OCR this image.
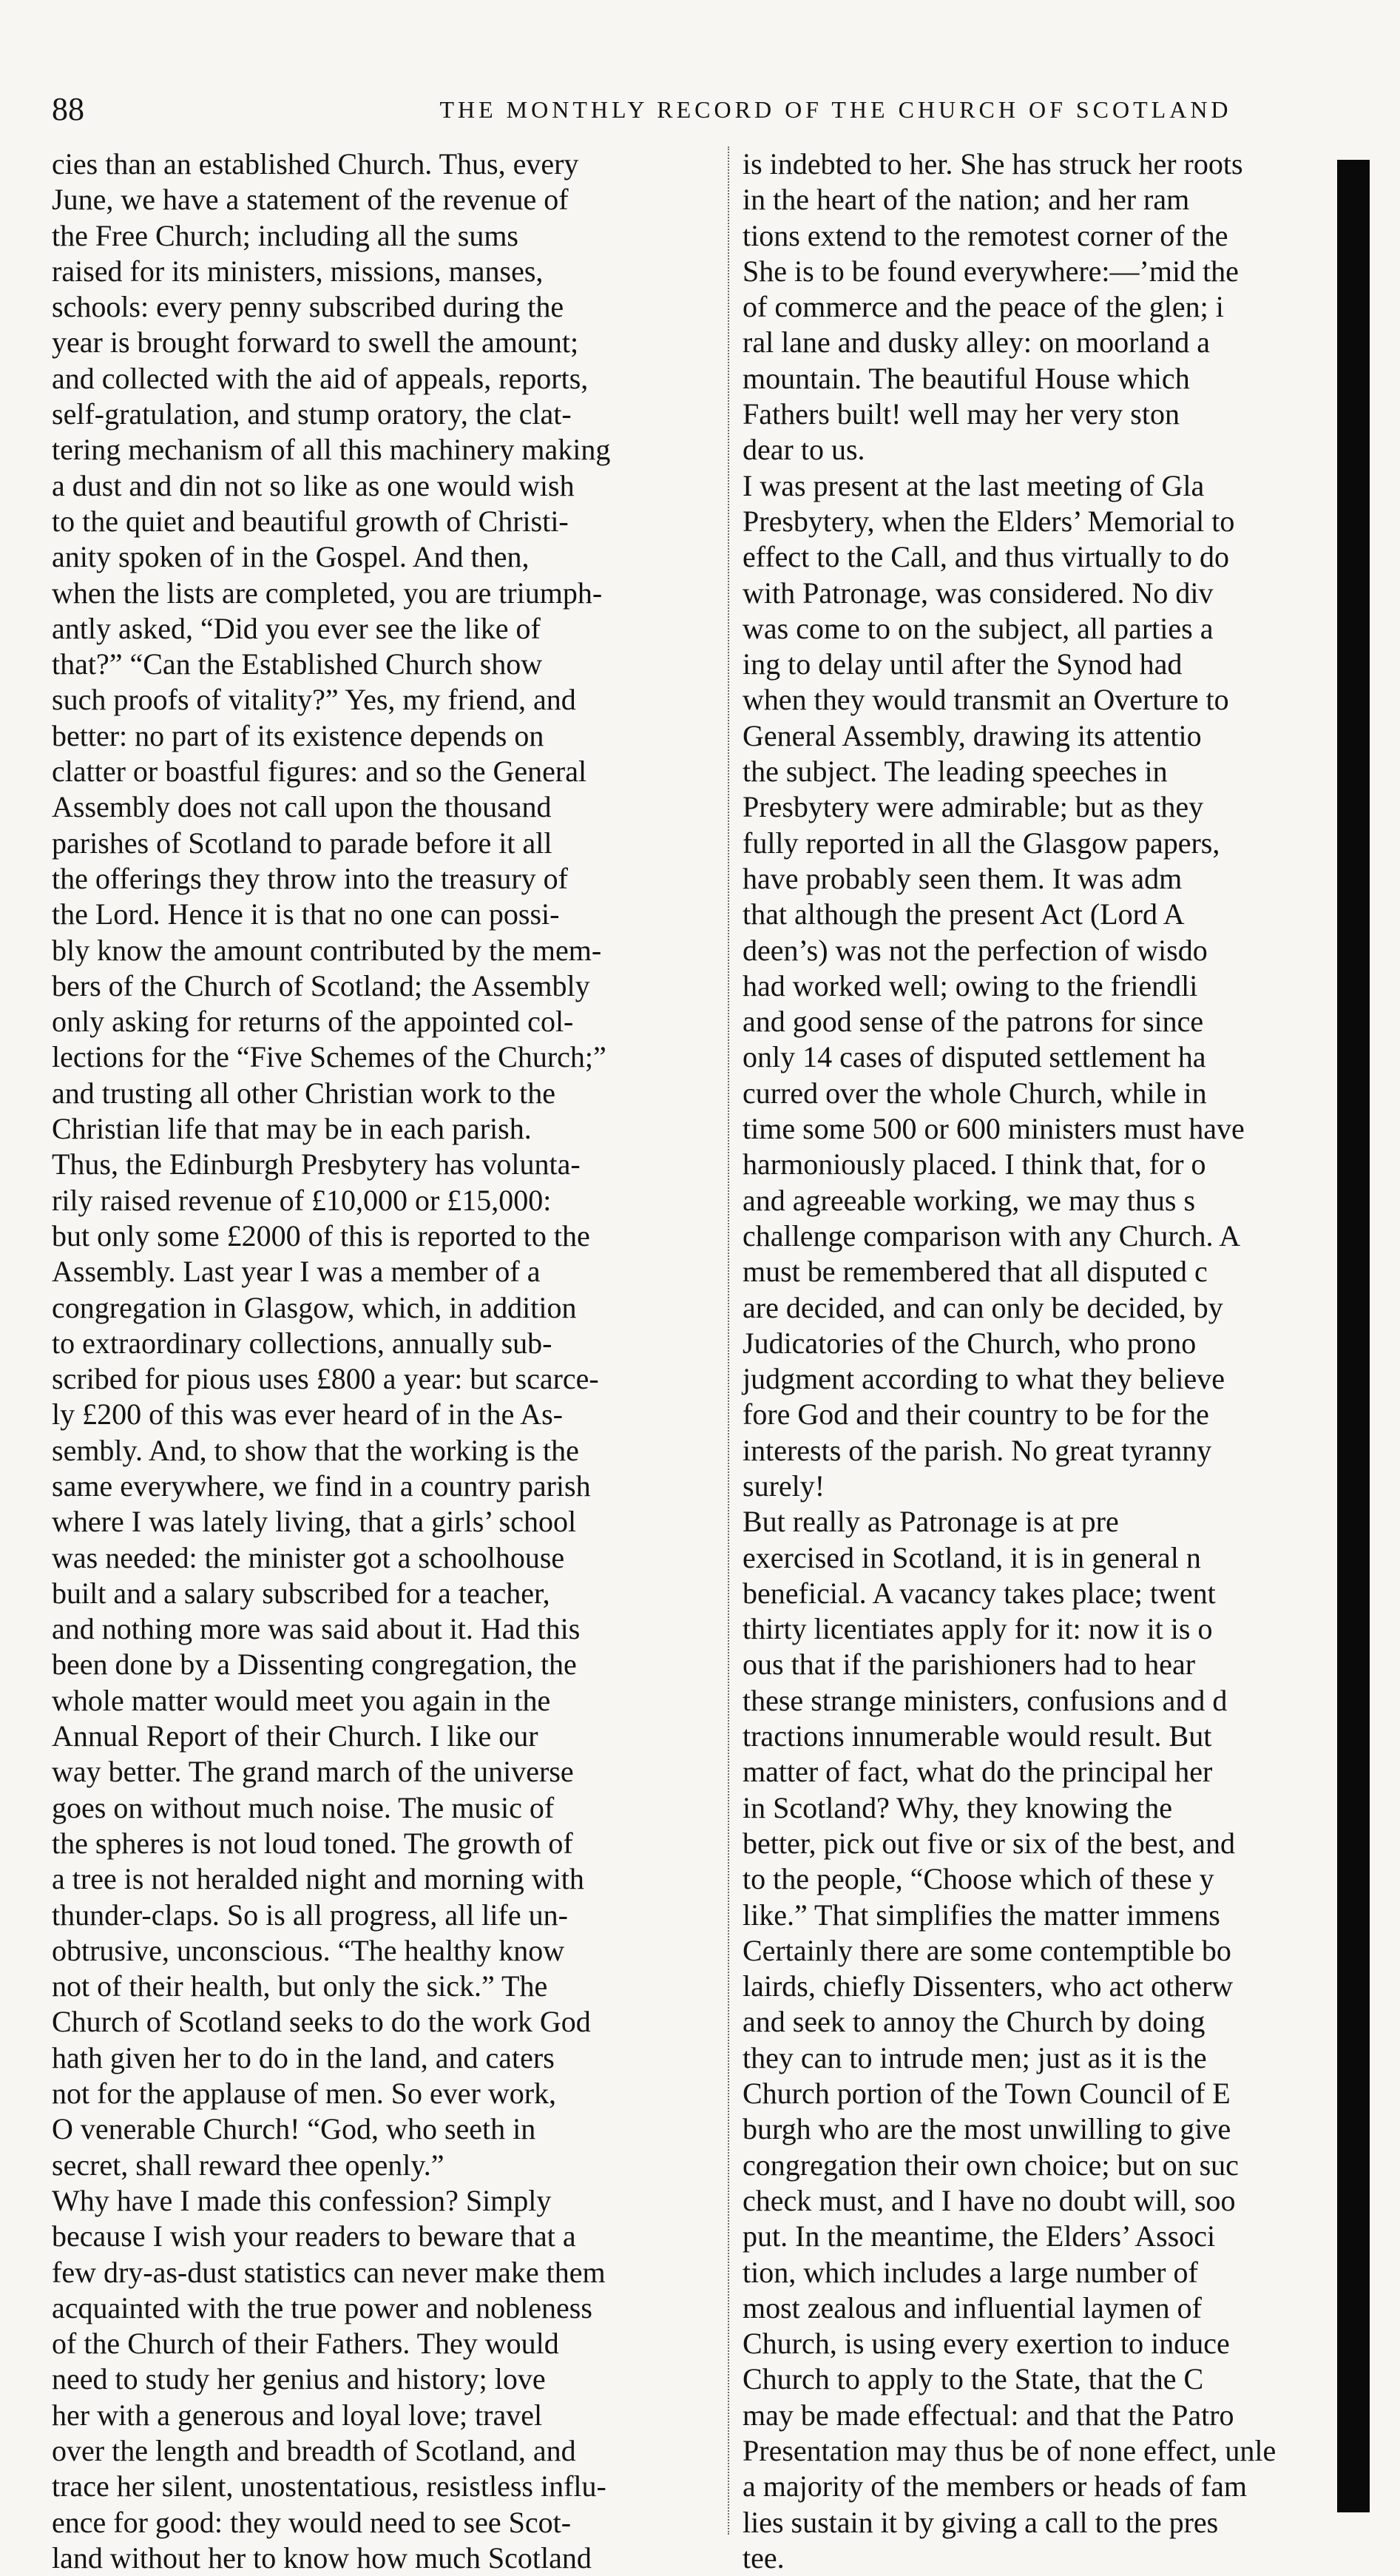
88	THE MONTHLY RECORD OF THE CHURCH OF SCOTLAND
cies than an established Church. Thus, every
June, we have a statement of the revenue of
the Free Church; including all the sums
raised for its ministers, missions, manses,
schools: every penny subscribed during the
year is brought forward to swell the amount;
and collected with the aid of appeals, reports,
self-gratulation, and stump oratory, the clat-
tering mechanism of all this machinery making
a dust and din not so like as one would wish
to the quiet and beautiful growth of Christi-
anity spoken of in the Gospel. And then,
when the lists are completed, you are triumph-
antly asked, “Did you ever see the like of
that?” “Can the Established Church show
such proofs of vitality?” Yes, my friend, and
better: no part of its existence depends on
clatter or boastful figures: and so the General
Assembly does not call upon the thousand
parishes of Scotland to parade before it all
the offerings they throw into the treasury of
the Lord. Hence it is that no one can possi-
bly know the amount contributed by the mem-
bers of the Church of Scotland; the Assembly
only asking for returns of the appointed col-
lections for the “Five Schemes of the Church;”
and trusting all other Christian work to the
Christian life that may be in each parish.
Thus, the Edinburgh Presbytery has volunta-
rily raised revenue of £10,000 or £15,000:
but only some £2000 of this is reported to the
Assembly. Last year I was a member of a
congregation in Glasgow, which, in addition
to extraordinary collections, annually sub-
scribed for pious uses £800 a year: but scarce-
ly £200 of this was ever heard of in the As-
sembly. And, to show that the working is the
same everywhere, we find in a country parish
where I was lately living, that a girls’ school
was needed: the minister got a schoolhouse
built and a salary subscribed for a teacher,
and nothing more was said about it. Had this
been done by a Dissenting congregation, the
whole matter would meet you again in the
Annual Report of their Church. I like our
way better. The grand march of the universe
goes on without much noise. The music of
the spheres is not loud toned. The growth of
a tree is not heralded night and morning with
thunder-claps. So is all progress, all life un-
obtrusive, unconscious. “The healthy know
not of their health, but only the sick.” The
Church of Scotland seeks to do the work God
hath given her to do in the land, and caters
not for the applause of men. So ever work,
O venerable Church! “God, who seeth in
secret, shall reward thee openly.”
Why have I made this confession? Simply
because I wish your readers to beware that a
few dry-as-dust statistics can never make them
acquainted with the true power and nobleness
of the Church of their Fathers. They would
need to study her genius and history; love
her with a generous and loyal love; travel
over the length and breadth of Scotland, and
trace her silent, unostentatious, resistless influ-
ence for good: they would need to see Scot-
land without her to know how much Scotland
is indebted to her. She has struck her roots
in the heart of the nation; and her ram
tions extend to the remotest corner of the
She is to be found everywhere:—’mid the
of commerce and the peace of the glen; i
ral lane and dusky alley: on moorland a
mountain. The beautiful House which
Fathers built! well may her very ston
dear to us.
I was present at the last meeting of Gla
Presbytery, when the Elders’ Memorial to
effect to the Call, and thus virtually to do
with Patronage, was considered. No div
was come to on the subject, all parties a
ing to delay until after the Synod had
when they would transmit an Overture to
General Assembly, drawing its attentio
the subject. The leading speeches in
Presbytery were admirable; but as they
fully reported in all the Glasgow papers,
have probably seen them. It was adm
that although the present Act (Lord A
deen’s) was not the perfection of wisdo
had worked well; owing to the friendli
and good sense of the patrons for since
only 14 cases of disputed settlement ha
curred over the whole Church, while in
time some 500 or 600 ministers must have
harmoniously placed. I think that, for o
and agreeable working, we may thus s
challenge comparison with any Church. A
must be remembered that all disputed c
are decided, and can only be decided, by
Judicatories of the Church, who prono
judgment according to what they believe
fore God and their country to be for the
interests of the parish. No great tyranny
surely!
But really as Patronage is at pre
exercised in Scotland, it is in general n
beneficial. A vacancy takes place; twent
thirty licentiates apply for it: now it is o
ous that if the parishioners had to hear
these strange ministers, confusions and d
tractions innumerable would result. But
matter of fact, what do the principal her
in Scotland? Why, they knowing the
better, pick out five or six of the best, and
to the people, “Choose which of these y
like.” That simplifies the matter immens
Certainly there are some contemptible bo
lairds, chiefly Dissenters, who act otherw
and seek to annoy the Church by doing
they can to intrude men; just as it is the
Church portion of the Town Council of E
burgh who are the most unwilling to give
congregation their own choice; but on suc
check must, and I have no doubt will, soo
put. In the meantime, the Elders’ Associ
tion, which includes a large number of
most zealous and influential laymen of
Church, is using every exertion to induce
Church to apply to the State, that the C
may be made effectual: and that the Patro
Presentation may thus be of none effect, unle
a majority of the members or heads of fam
lies sustain it by giving a call to the pres
tee.
